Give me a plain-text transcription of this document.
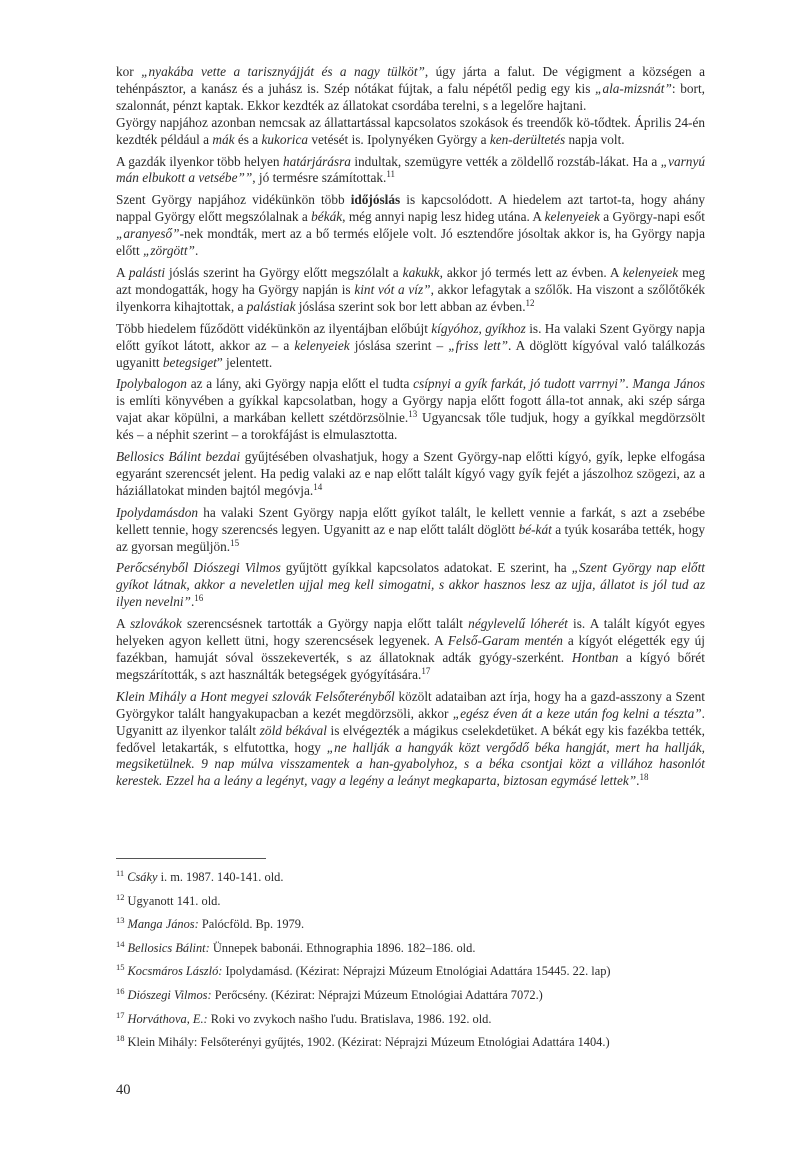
kor „nyakába vette a tarisznyájját és a nagy tülköt”, úgy járta a falut. De végigment a községen a tehénpásztor, a kanász és a juhász is. Szép nótákat fújtak, a falu népétől pedig egy kis „ala-mizsnát”: bort, szalonnát, pénzt kaptak. Ekkor kezdték az állatokat csordába terelni, s a legelőre hajtani.

György napjához azonban nemcsak az állattartással kapcsolatos szokások és treendők kö-tődtek. Április 24-én kezdték például a mák és a kukorica vetését is. Ipolynyéken György a ken-derültetés napja volt.

A gazdák ilyenkor több helyen határjárásra indultak, szemügyre vették a zöldellő rozstáb-lákat. Ha a „varnyú mán elbukott a vetsébe””, jó termésre számítottak.$^{11}$

Szent György napjához vidékünkön több időjóslás is kapcsolódott. A hiedelem azt tartot-ta, hogy ahány nappal György előtt megszólalnak a békák, még annyi napig lesz hideg utána. A kelenyeiek a György-napi esőt „aranyeső”-nek mondták, mert az a bő termés előjele volt. Jó esztendőre jósoltak akkor is, ha György napja előtt „zörgött”.

A palásti jóslás szerint ha György előtt megszólalt a kakukk, akkor jó termés lett az évben. A kelenyeiek meg azt mondogatták, hogy ha György napján is kint vót a víz”, akkor lefagytak a szőlők. Ha viszont a szőlőtőkék ilyenkorra kihajtottak, a palástiak jóslása szerint sok bor lett abban az évben.$^{12}$

Több hiedelem fűződött vidékünkön az ilyentájban előbújt kígyóhoz, gyíkhoz is. Ha valaki Szent György napja előtt gyíkot látott, akkor az – a kelenyeiek jóslása szerint – „friss lett”. A döglött kígyóval való találkozás ugyanitt betegsiget” jelentett.

Ipolybalogon az a lány, aki György napja előtt el tudta csípnyi a gyík farkát, jó tudott varrnyi”. Manga János is említi könyvében a gyíkkal kapcsolatban, hogy a György napja előtt fogott álla-tot annak, aki szép sárga vajat akar köpülni, a markában kellett szétdörzsölnie.$^{13}$ Ugyancsak tőle tudjuk, hogy a gyíkkal megdörzsölt kés – a néphit szerint – a torokfájást is elmulasztotta.

Bellosics Bálint bezdai gyűjtésében olvashatjuk, hogy a Szent György-nap előtti kígyó, gyík, lepke elfogása egyaránt szerencsét jelent. Ha pedig valaki az e nap előtt talált kígyó vagy gyík fejét a jászolhoz szögezi, az a háziállatokat minden bajtól megóvja.$^{14}$

Ipolydamásdon ha valaki Szent György napja előtt gyíkot talált, le kellett vennie a farkát, s azt a zsebébe kellett tennie, hogy szerencsés legyen. Ugyanitt az e nap előtt talált döglött bé-kát a tyúk kosarába tették, hogy az gyorsan megüljön.$^{15}$

Perőcsényből Diószegi Vilmos gyűjtött gyíkkal kapcsolatos adatokat. E szerint, ha „Szent György nap előtt gyíkot látnak, akkor a neveletlen ujjal meg kell simogatni, s akkor hasznos lesz az ujja, állatot is jól tud az ilyen nevelni”.$^{16}$

A szlovákok szerencsésnek tartották a György napja előtt talált négylevelű lóherét is. A talált kígyót egyes helyeken agyon kellett ütni, hogy szerencsések legyenek. A Felső-Garam mentén a kígyót elégették egy új fazékban, hamuját sóval összekeverték, s az állatoknak adták gyógy-szerként. Hontban a kígyó bőrét megszárították, s azt használták betegségek gyógyítására.$^{17}$

Klein Mihály a Hont megyei szlovák Felsőterényből közölt adataiban azt írja, hogy ha a gazd-asszony a Szent Györgykor talált hangyakupacban a kezét megdörzsöli, akkor „egész éven át a keze után fog kelni a tészta”. Ugyanitt az ilyenkor talált zöld békával is elvégezték a mágikus cselekdetüket. A békát egy kis fazékba tették, fedővel letakarták, s elfutottka, hogy „ne hallják a hangyák közt vergődő béka hangját, mert ha hallják, megsiketülnek. 9 nap múlva visszamentek a han-gyabolyhoz, s a béka csontjai közt a villához hasonlót kerestek. Ezzel ha a leány a legényt, vagy a legény a leányt megkaparta, biztosan egymásé lettek”.$^{18}$

$^{11}$ Csáky i. m. 1987. 140-141. old.
$^{12}$ Ugyanott 141. old.
$^{13}$ Manga János: Palócföld. Bp. 1979.
$^{14}$ Bellosics Bálint: Ünnepek babonái. Ethnographia 1896. 182–186. old.
$^{15}$ Kocsmáros László: Ipolydamásd. (Kézirat: Néprajzi Múzeum Etnológiai Adattára 15445. 22. lap)
$^{16}$ Diószegi Vilmos: Perőcsény. (Kézirat: Néprajzi Múzeum Etnológiai Adattára 7072.)
$^{17}$ Horváthova, E.: Roki vo zvykoch našho ľudu. Bratislava, 1986. 192. old.
$^{18}$ Klein Mihály: Felsőterényi gyűjtés, 1902. (Kézirat: Néprajzi Múzeum Etnológiai Adattára 1404.)
40
